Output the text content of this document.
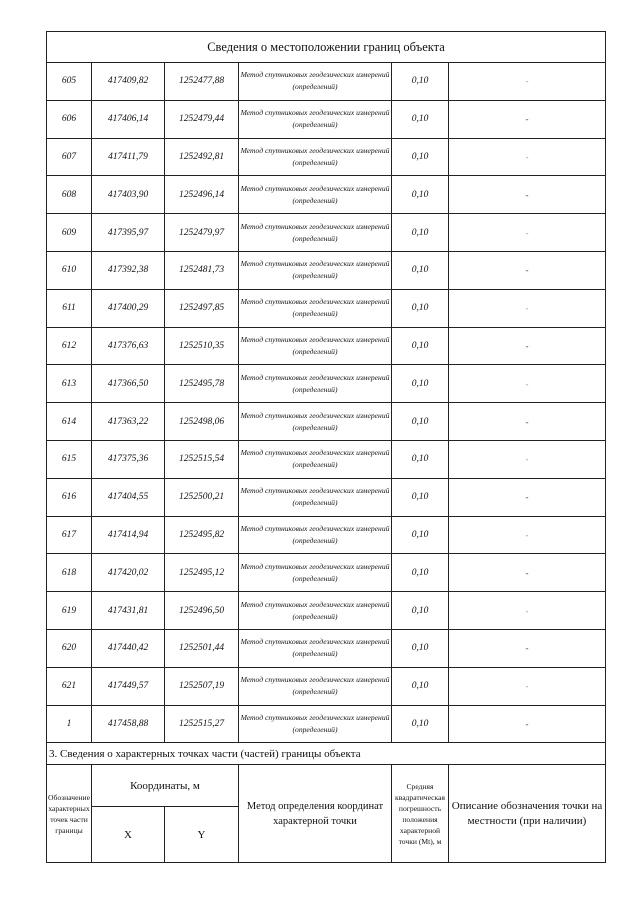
Сведения о местоположении границ объекта					
605	417409,82	1252477,88	Метод спутниковых геодезических измерений (определений)	0,10	-
606	417406,14	1252479,44	Метод спутниковых геодезических измерений (определений)	0,10	-
607	417411,79	1252492,81	Метод спутниковых геодезических измерений (определений)	0,10	-
608	417403,90	1252496,14	Метод спутниковых геодезических измерений (определений)	0,10	-
609	417395,97	1252479,97	Метод спутниковых геодезических измерений (определений)	0,10	-
610	417392,38	1252481,73	Метод спутниковых геодезических измерений (определений)	0,10	-
611	417400,29	1252497,85	Метод спутниковых геодезических измерений (определений)	0,10	-
612	417376,63	1252510,35	Метод спутниковых геодезических измерений (определений)	0,10	-
613	417366,50	1252495,78	Метод спутниковых геодезических измерений (определений)	0,10	-
614	417363,22	1252498,06	Метод спутниковых геодезических измерений (определений)	0,10	-
615	417375,36	1252515,54	Метод спутниковых геодезических измерений (определений)	0,10	-
616	417404,55	1252500,21	Метод спутниковых геодезических измерений (определений)	0,10	-
617	417414,94	1252495,82	Метод спутниковых геодезических измерений (определений)	0,10	-
618	417420,02	1252495,12	Метод спутниковых геодезических измерений (определений)	0,10	-
619	417431,81	1252496,50	Метод спутниковых геодезических измерений (определений)	0,10	-
620	417440,42	1252501,44	Метод спутниковых геодезических измерений (определений)	0,10	-
621	417449,57	1252507,19	Метод спутниковых геодезических измерений (определений)	0,10	-
1	417458,88	1252515,27	Метод спутниковых геодезических измерений (определений)	0,10	-
3. Сведения о характерных точках части (частей) границы объекта					
Обозначение характерных точек части границы	Координаты, м		Метод определения координат характерной точки	Средняя квадратическая погрешность положения характерной точки (Mt), м	Описание обозначения точки на местности (при наличии)
	X	Y			
